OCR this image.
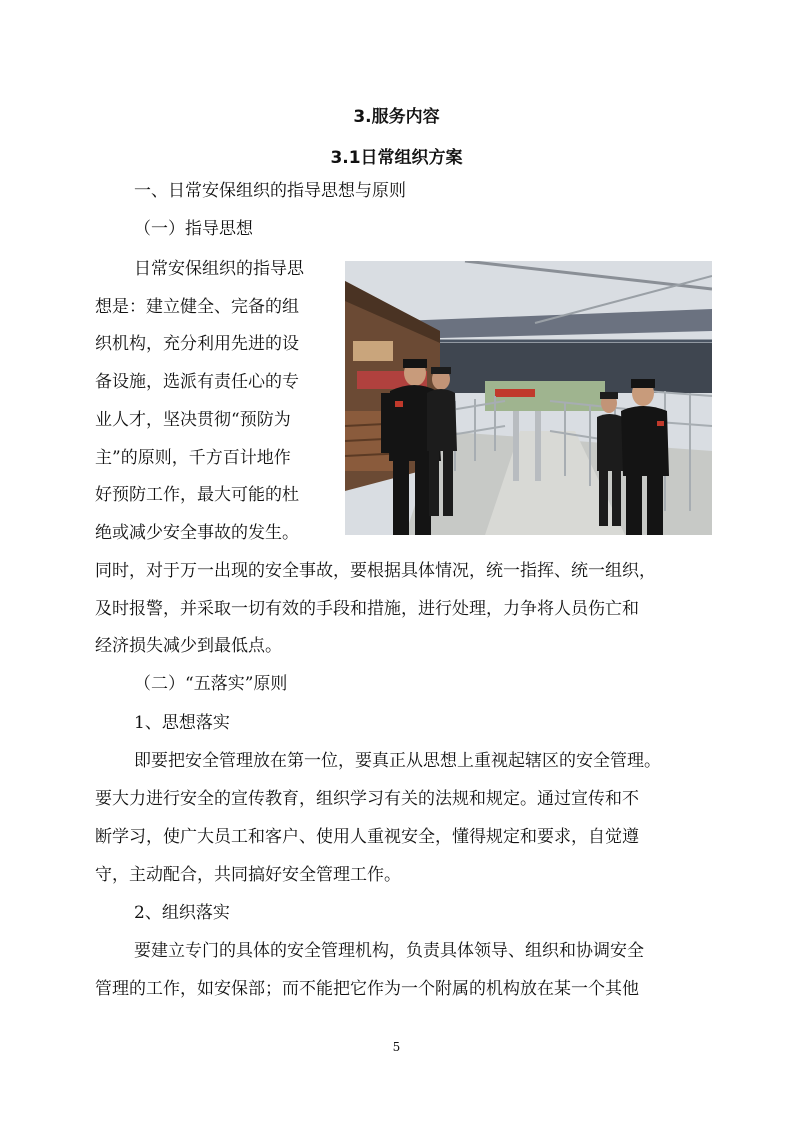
3.服务内容
3.1日常组织方案
一、日常安保组织的指导思想与原则
（一）指导思想
日常安保组织的指导思
想是：建立健全、完备的组
织机构，充分利用先进的设
备设施，选派有责任心的专
业人才，坚决贯彻“预防为
主”的原则，千方百计地作
好预防工作，最大可能的杜
绝或减少安全事故的发生。
同时，对于万一出现的安全事故，要根据具体情况，统一指挥、统一组织，
及时报警，并采取一切有效的手段和措施，进行处理，力争将人员伤亡和
经济损失减少到最低点。
（二）“五落实”原则
1、思想落实
即要把安全管理放在第一位，要真正从思想上重视起辖区的安全管理。
要大力进行安全的宣传教育，组织学习有关的法规和规定。通过宣传和不
断学习，使广大员工和客户、使用人重视安全，懂得规定和要求，自觉遵
守，主动配合，共同搞好安全管理工作。
2、组织落实
要建立专门的具体的安全管理机构，负责具体领导、组织和协调安全
管理的工作，如安保部；而不能把它作为一个附属的机构放在某一个其他
5
